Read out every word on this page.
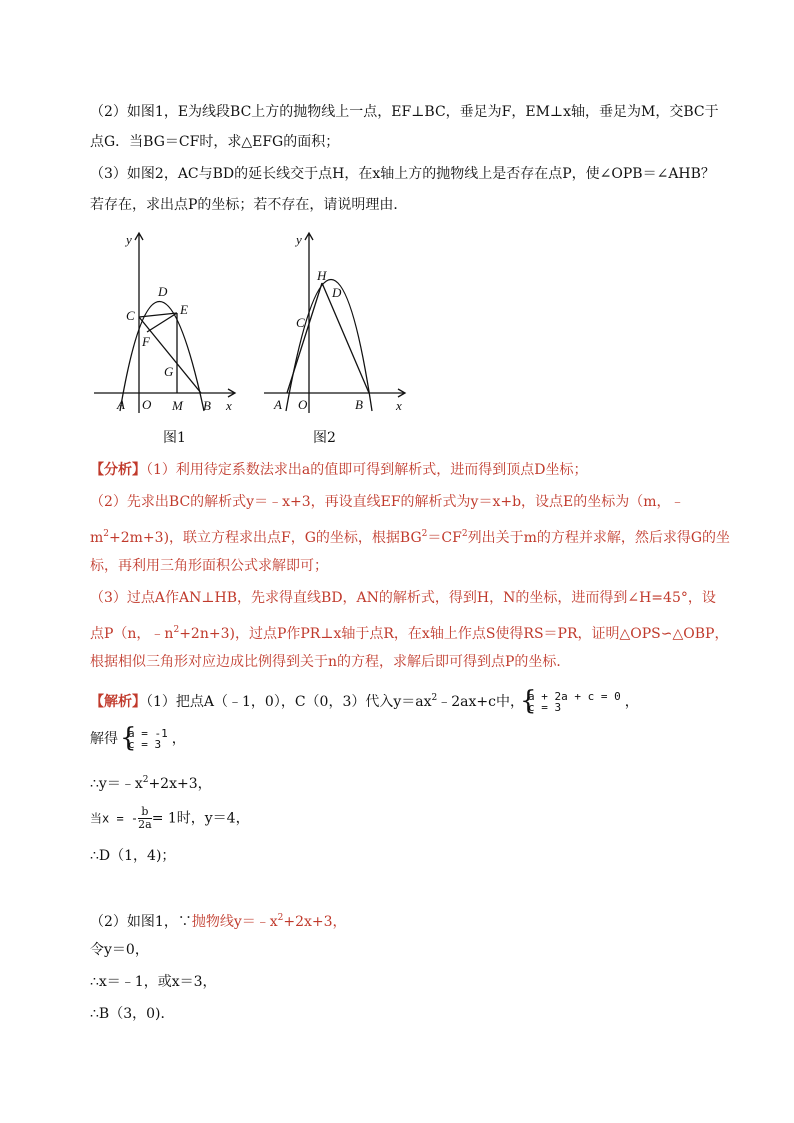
（2）如图1，E为线段BC上方的抛物线上一点，EF⊥BC，垂足为F，EM⊥x轴，垂足为M，交BC于
点G．当BG＝CF时，求△EFG的面积；
（3）如图2，AC与BD的延长线交于点H，在x轴上方的抛物线上是否存在点P，使∠OPB＝∠AHB？
若存在，求出点P的坐标；若不存在，请说明理由．
y
x
C
D
E
F
G
A O M B
图1
y
x
H
D
C
A O	B
图2
【分析】（1）利用待定系数法求出a的值即可得到解析式，进而得到顶点D坐标；
（2）先求出BC的解析式y＝﹣x+3，再设直线EF的解析式为y＝x+b，设点E的坐标为（m，﹣
$m^2+2m+3$)，联立方程求出点F，G的坐标，根据$BG^2=CF^2$列出关于m的方程并求解，然后求得G的坐
标，再利用三角形面积公式求解即可；
（3）过点A作AN⊥HB，先求得直线BD，AN的解析式，得到H，N的坐标，进而得到∠H=45°，设
点P（n，$﹣n^2+2n+3$)，过点P作PR⊥x轴于点R，在x轴上作点S使得RS＝PR，证明△OPS∽△OBP，
根据相似三角形对应边成比例得到关于n的方程，求解后即可得到点P的坐标．
【解析】（1）把点A（﹣1，0），C（0，3）代入$y=ax^2﹣2ax+c$中，
{
a + 2a + c = 0
c = 3	，
解得 {
a = -1
c = 3 ，
$\therefore y=﹣x^2+2x+3$，
当x = - $\frac{b}{2a} = 1$时，y＝4，
∴D（1，4)；
（2）如图1，∵抛物线$y=﹣x^2+2x+3$，
令y＝0，
∴x＝﹣1，或x＝3，
∴B（3，0)．
